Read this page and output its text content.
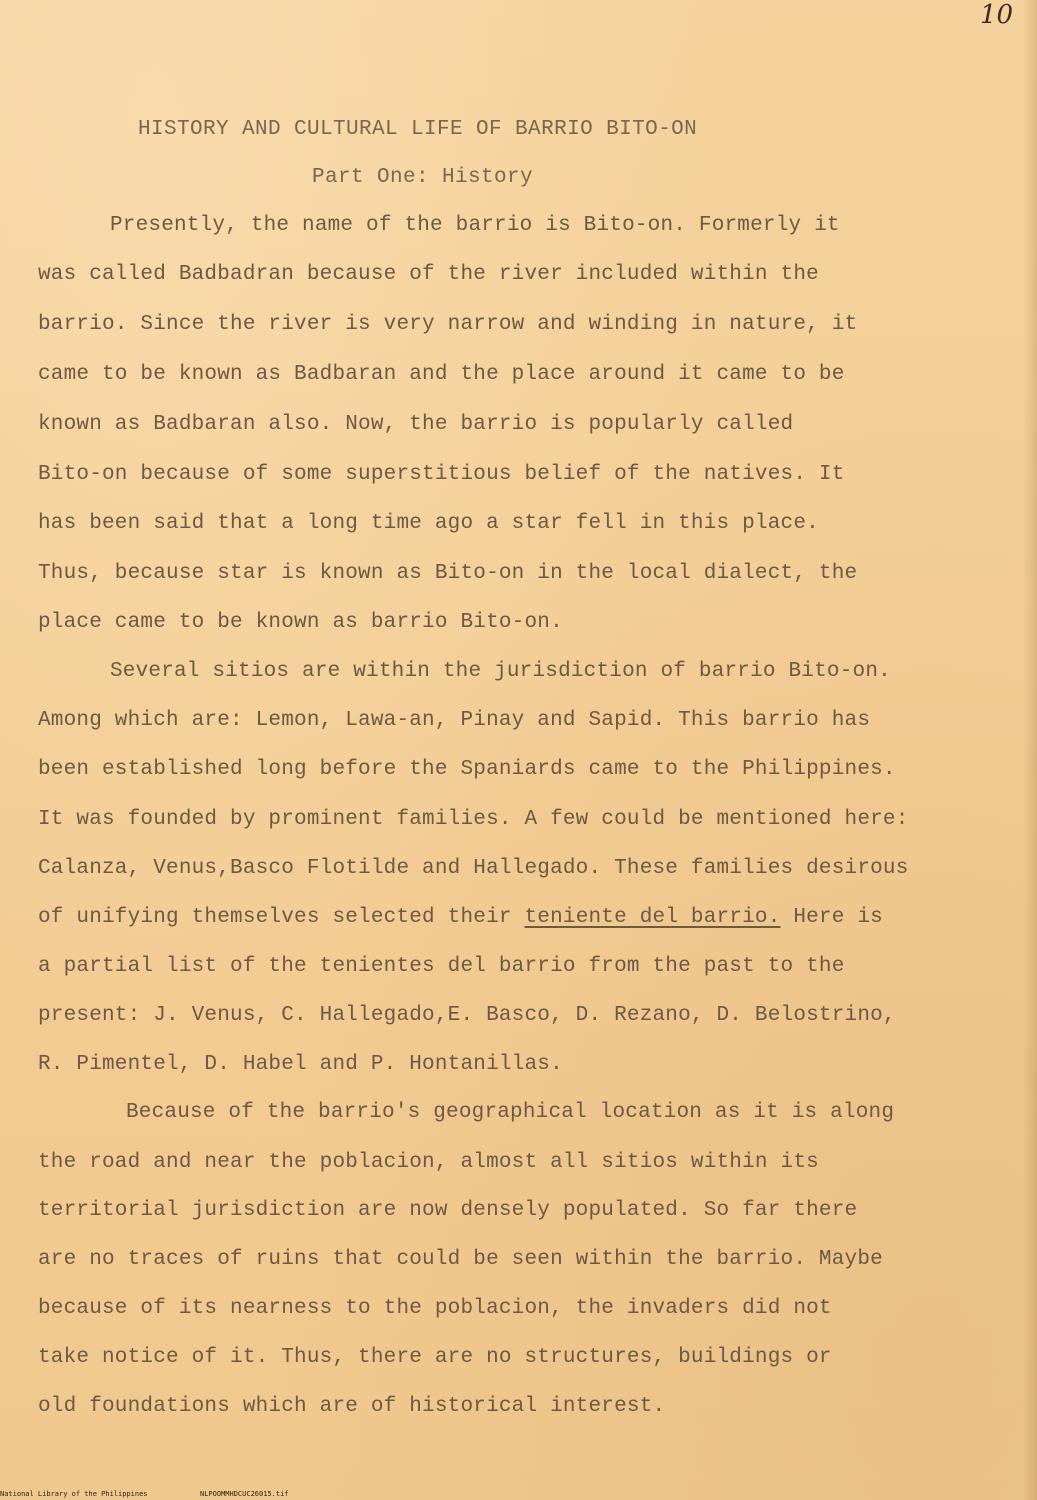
10
HISTORY AND CULTURAL LIFE OF BARRIO BITO-ON
Part One: History
Presently, the name of the barrio is Bito-on. Formerly it
was called Badbadran because of the river included within the
barrio. Since the river is very narrow and winding in nature, it
came to be known as Badbaran and the place around it came to be
known as Badbaran also. Now, the barrio is popularly called
Bito-on because of some superstitious belief of the natives. It
has been said that a long time ago a star fell in this place.
Thus, because star is known as Bito-on in the local dialect, the
place came to be known as barrio Bito-on.
Several sitios are within the jurisdiction of barrio Bito-on.
Among which are: Lemon, Lawa-an, Pinay and Sapid. This barrio has
been established long before the Spaniards came to the Philippines.
It was founded by prominent families. A few could be mentioned here:
Calanza, Venus,Basco Flotilde and Hallegado. These families desirous
of unifying themselves selected their teniente del barrio. Here is
a partial list of the tenientes del barrio from the past to the
present: J. Venus, C. Hallegado,E. Basco, D. Rezano, D. Belostrino,
R. Pimentel, D. Habel and P. Hontanillas.
Because of the barrio's geographical location as it is along
the road and near the poblacion, almost all sitios within its
territorial jurisdiction are now densely populated. So far there
are no traces of ruins that could be seen within the barrio. Maybe
because of its nearness to the poblacion, the invaders did not
take notice of it. Thus, there are no structures, buildings or
old foundations which are of historical interest.
National Library of the Philippines	NLPOOMMHDCUC26015.tif
